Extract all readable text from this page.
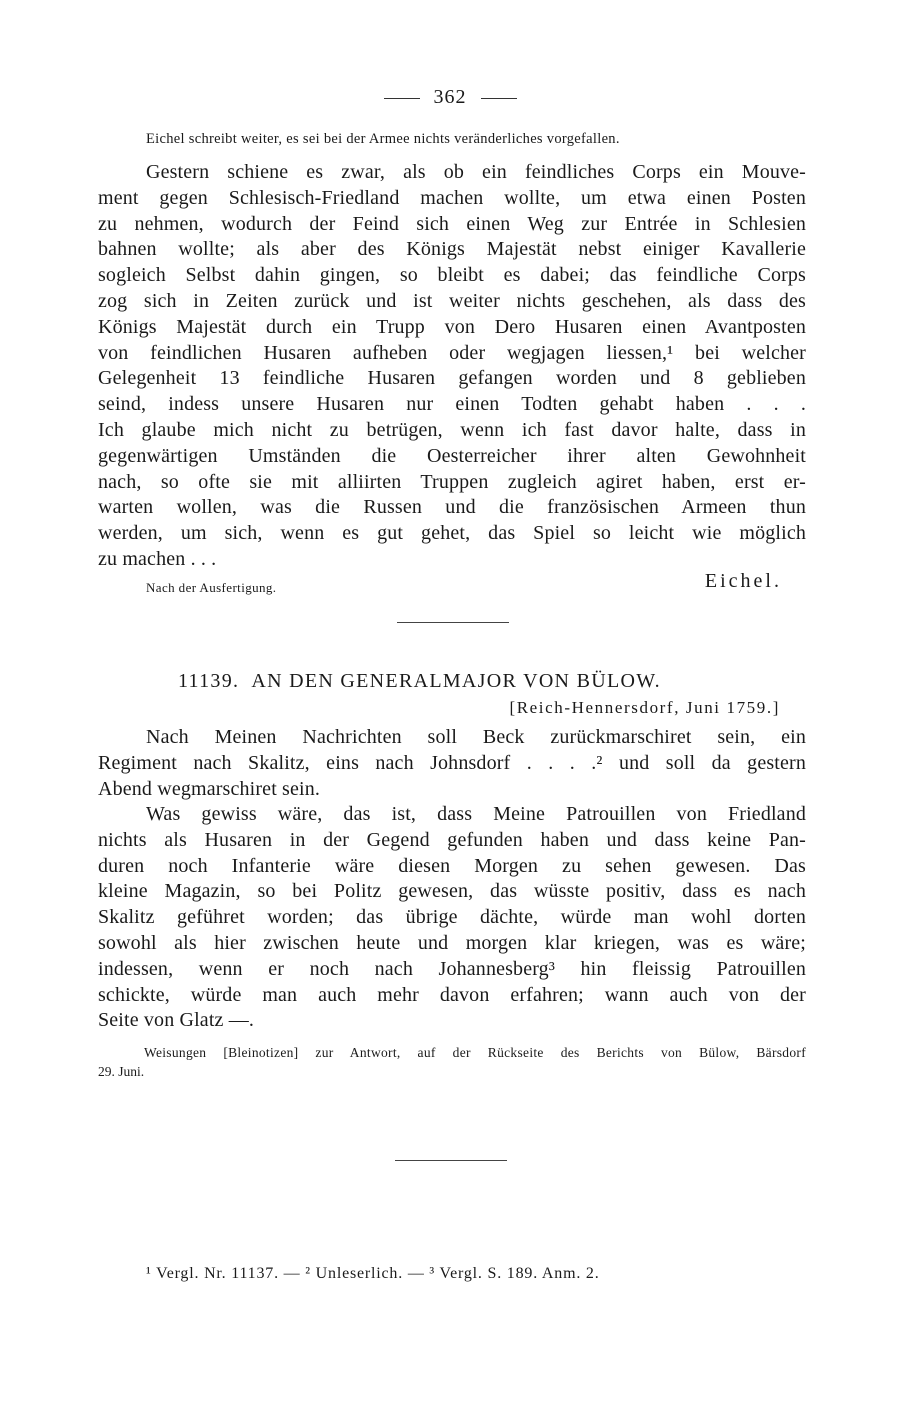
362
Eichel schreibt weiter, es sei bei der Armee nichts veränderliches vorgefallen.
Gestern schiene es zwar, als ob ein feindliches Corps ein Mouve-
ment gegen Schlesisch-Friedland machen wollte, um etwa einen Posten
zu nehmen, wodurch der Feind sich einen Weg zur Entrée in Schlesien
bahnen wollte; als aber des Königs Majestät nebst einiger Kavallerie
sogleich Selbst dahin gingen, so bleibt es dabei; das feindliche Corps
zog sich in Zeiten zurück und ist weiter nichts geschehen, als dass des
Königs Majestät durch ein Trupp von Dero Husaren einen Avantposten
von feindlichen Husaren aufheben oder wegjagen liessen,¹ bei welcher
Gelegenheit 13 feindliche Husaren gefangen worden und 8 geblieben
seind, indess unsere Husaren nur einen Todten gehabt haben . . .
Ich glaube mich nicht zu betrügen, wenn ich fast davor halte, dass in
gegenwärtigen Umständen die Oesterreicher ihrer alten Gewohnheit
nach, so ofte sie mit alliirten Truppen zugleich agiret haben, erst er-
warten wollen, was die Russen und die französischen Armeen thun
werden, um sich, wenn es gut gehet, das Spiel so leicht wie möglich
zu machen . . .
Nach der Ausfertigung.	Eichel.
11139. AN DEN GENERALMAJOR VON BÜLOW.
[Reich-Hennersdorf, Juni 1759.]
Nach Meinen Nachrichten soll Beck zurückmarschiret sein, ein
Regiment nach Skalitz, eins nach Johnsdorf . . . .² und soll da gestern
Abend wegmarschiret sein.
Was gewiss wäre, das ist, dass Meine Patrouillen von Friedland
nichts als Husaren in der Gegend gefunden haben und dass keine Pan-
duren noch Infanterie wäre diesen Morgen zu sehen gewesen. Das
kleine Magazin, so bei Politz gewesen, das wüsste positiv, dass es nach
Skalitz geführet worden; das übrige dächte, würde man wohl dorten
sowohl als hier zwischen heute und morgen klar kriegen, was es wäre;
indessen, wenn er noch nach Johannesberg³ hin fleissig Patrouillen
schickte, würde man auch mehr davon erfahren; wann auch von der
Seite von Glatz —.
Weisungen [Bleinotizen] zur Antwort, auf der Rückseite des Berichts von Bülow, Bärsdorf
29. Juni.
¹ Vergl. Nr. 11137. — ² Unleserlich. — ³ Vergl. S. 189. Anm. 2.
